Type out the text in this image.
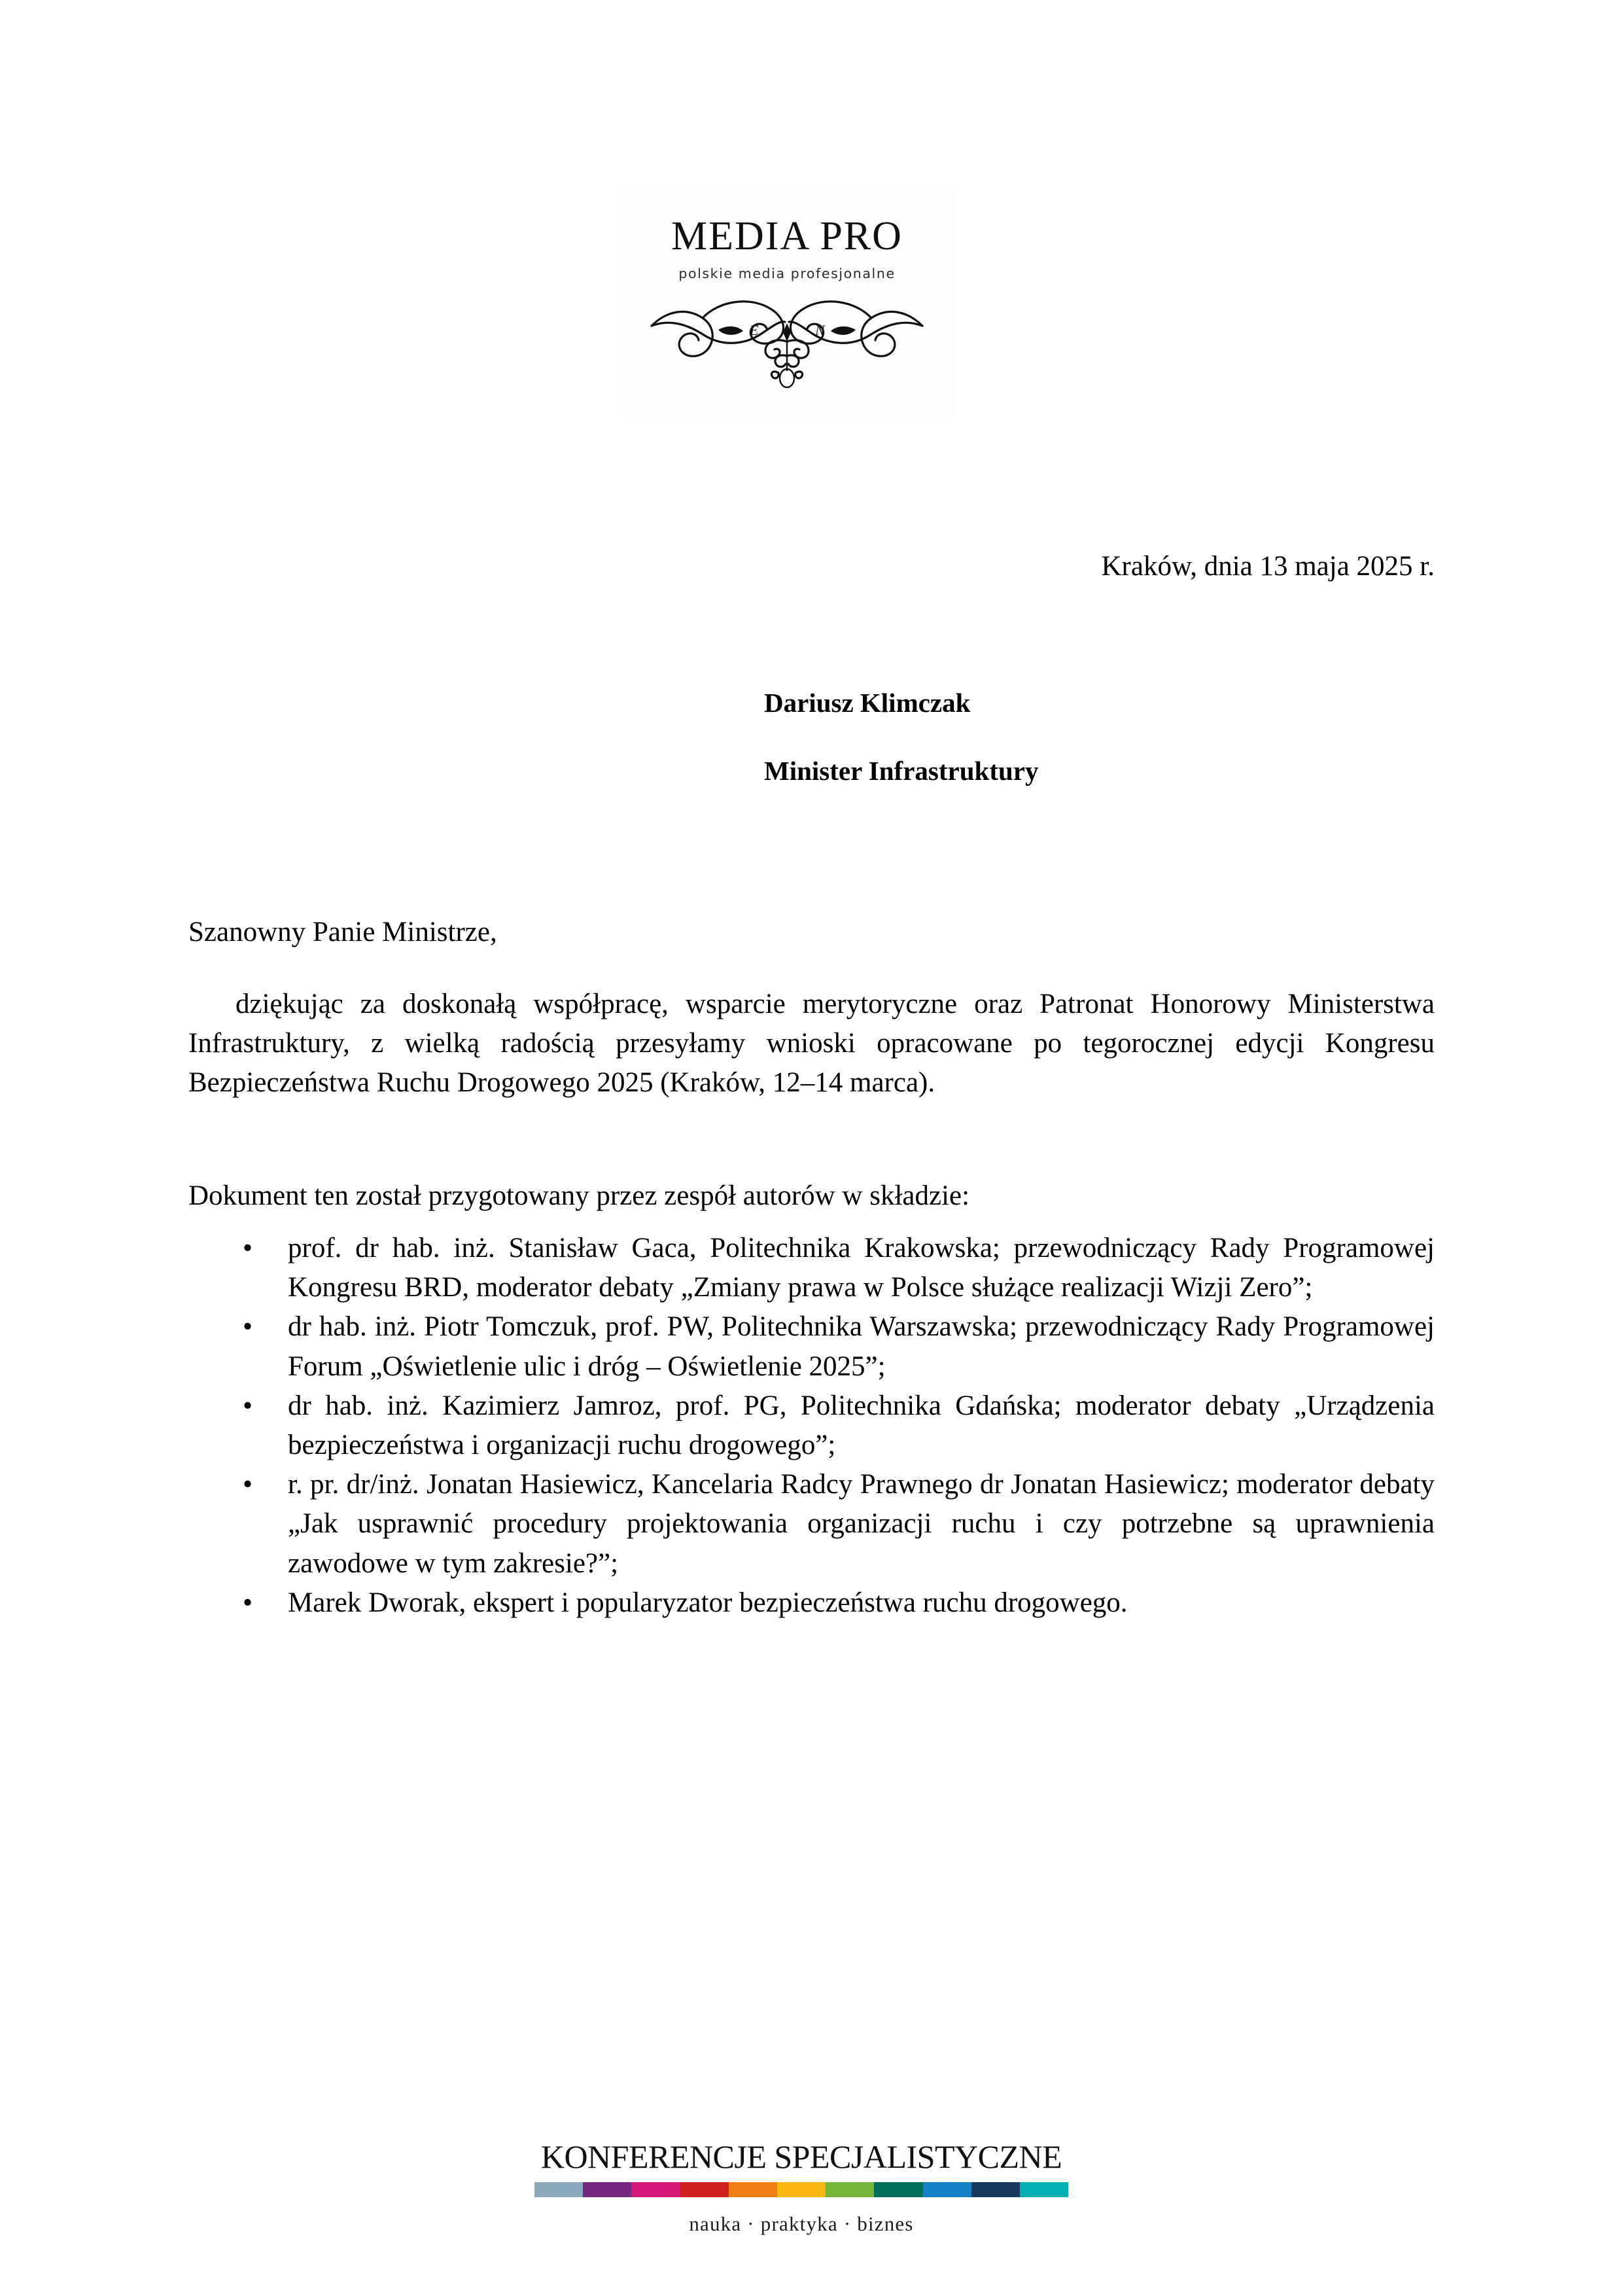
MEDIA PRO
polskie media profesjonalne
E	N
Kraków, dnia 13 maja 2025 r.
Dariusz Klimczak
Minister Infrastruktury
Szanowny Panie Ministrze,
dziękując za doskonałą współpracę, wsparcie merytoryczne oraz Patronat Honorowy Ministerstwa Infrastruktury, z wielką radością przesyłamy wnioski opracowane po tegorocznej edycji Kongresu Bezpieczeństwa Ruchu Drogowego 2025 (Kraków, 12–14 marca).
Dokument ten został przygotowany przez zespół autorów w składzie:
• prof. dr hab. inż. Stanisław Gaca, Politechnika Krakowska; przewodniczący Rady Programowej Kongresu BRD, moderator debaty „Zmiany prawa w Polsce służące realizacji Wizji Zero”;
• dr hab. inż. Piotr Tomczuk, prof. PW, Politechnika Warszawska; przewodniczący Rady Programowej Forum „Oświetlenie ulic i dróg – Oświetlenie 2025”;
• dr hab. inż. Kazimierz Jamroz, prof. PG, Politechnika Gdańska; moderator debaty „Urządzenia bezpieczeństwa i organizacji ruchu drogowego”;
• r. pr. dr/inż. Jonatan Hasiewicz, Kancelaria Radcy Prawnego dr Jonatan Hasiewicz; moderator debaty „Jak usprawnić procedury projektowania organizacji ruchu i czy potrzebne są uprawnienia zawodowe w tym zakresie?”;
• Marek Dworak, ekspert i popularyzator bezpieczeństwa ruchu drogowego.
KONFERENCJE SPECJALISTYCZNE
nauka · praktyka · biznes
